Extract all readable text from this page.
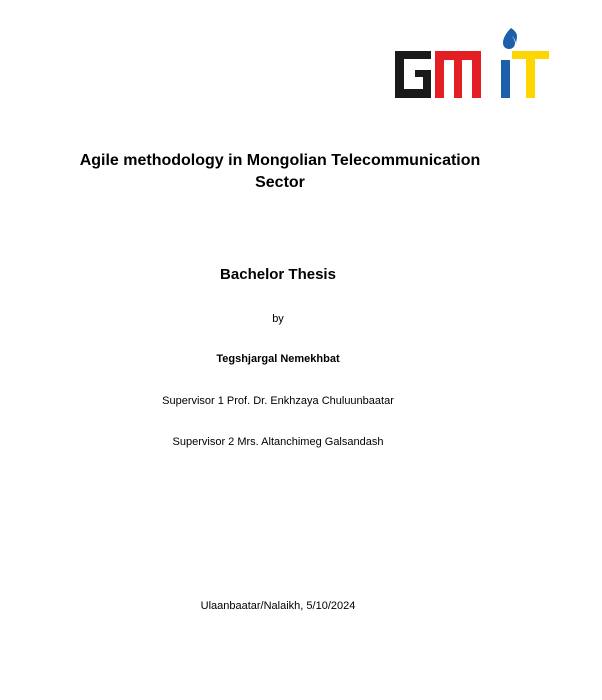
Agile methodology in Mongolian Telecommunication Sector
Bachelor Thesis
by
Tegshjargal Nemekhbat
Supervisor 1 Prof. Dr. Enkhzaya Chuluunbaatar
Supervisor 2 Mrs. Altanchimeg Galsandash
Ulaanbaatar/Nalaikh, 5/10/2024
